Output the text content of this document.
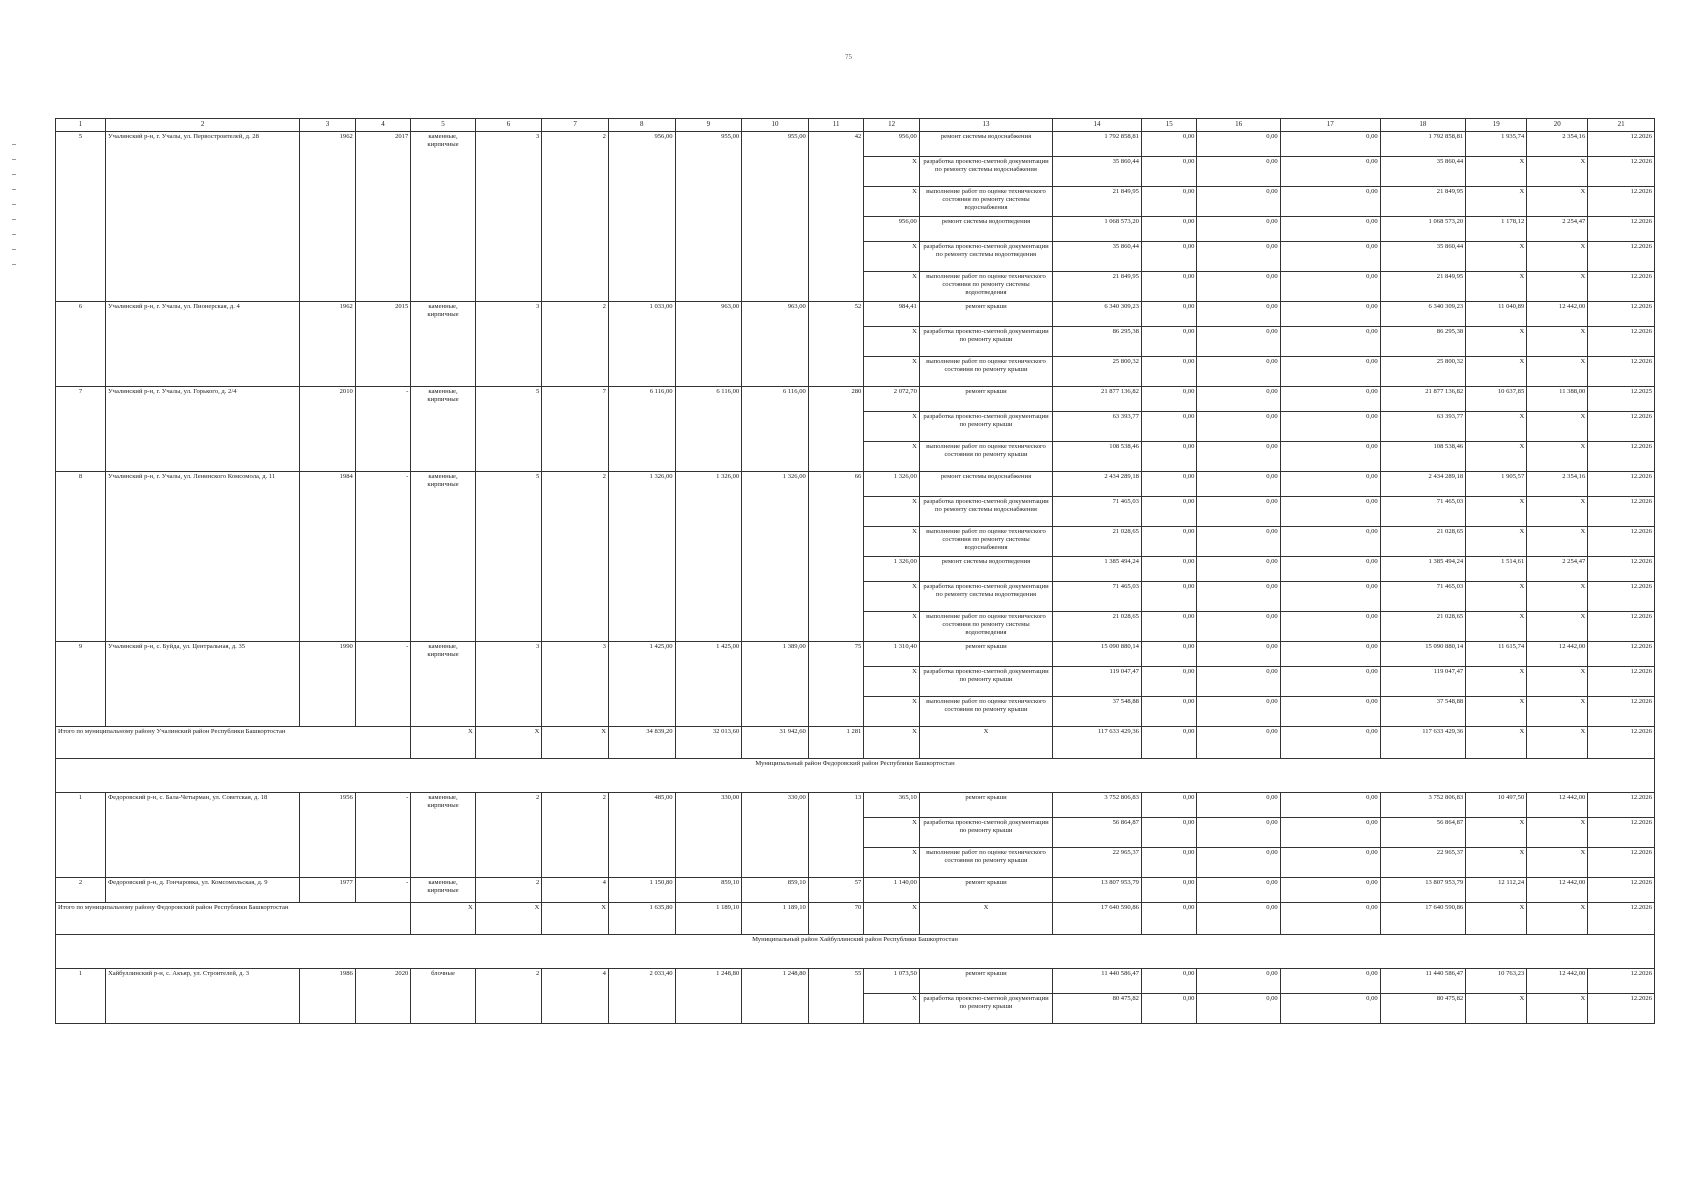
75
1	2	3	4	5	6	7	8	9	10	11	12	13	14	15	16	17	18	19	20	21
5	Учалинский р-н, г. Учалы, ул. Первостроителей, д. 28	1962	2017	каменные, кирпичные	3	2	956,00	955,00	955,00	42	956,00	ремонт системы водоснабжения	1 792 858,81	0,00	0,00	0,00	1 792 858,81	1 935,74	2 354,16	12.2026
											X	разработка проектно-сметной документации по ремонту системы водоснабжения	35 860,44	0,00	0,00	0,00	35 860,44	X	X	12.2026
											X	выполнение работ по оценке технического состояния по ремонту системы водоснабжения	21 849,95	0,00	0,00	0,00	21 849,95	X	X	12.2026
											956,00	ремонт системы водоотведения	1 068 573,20	0,00	0,00	0,00	1 068 573,20	1 178,12	2 254,47	12.2026
											X	разработка проектно-сметной документации по ремонту системы водоотведения	35 860,44	0,00	0,00	0,00	35 860,44	X	X	12.2026
											X	выполнение работ по оценке технического состояния по ремонту системы водоотведения	21 849,95	0,00	0,00	0,00	21 849,95	X	X	12.2026
6	Учалинский р-н, г. Учалы, ул. Пионерская, д. 4	1962	2015	каменные, кирпичные	3	2	1 033,00	963,00	963,00	52	984,41	ремонт крыши	6 340 309,23	0,00	0,00	0,00	6 340 309,23	11 040,89	12 442,00	12.2026
											X	разработка проектно-сметной документации по ремонту крыши	86 295,38	0,00	0,00	0,00	86 295,38	X	X	12.2026
											X	выполнение работ по оценке технического состояния по ремонту крыши	25 800,32	0,00	0,00	0,00	25 800,32	X	X	12.2026
7	Учалинский р-н, г. Учалы, ул. Горького, д. 2/4	2010	-	каменные, кирпичные	5	7	6 116,00	6 116,00	6 116,00	280	2 072,70	ремонт крыши	21 877 136,82	0,00	0,00	0,00	21 877 136,82	10 637,85	11 388,00	12.2025
											X	разработка проектно-сметной документации по ремонту крыши	63 393,77	0,00	0,00	0,00	63 393,77	X	X	12.2026
											X	выполнение работ по оценке технического состояния по ремонту крыши	108 538,46	0,00	0,00	0,00	108 538,46	X	X	12.2026
8	Учалинский р-н, г. Учалы, ул. Ленинского Комсомола, д. 11	1984	-	каменные, кирпичные	5	2	1 326,00	1 326,00	1 326,00	66	1 326,00	ремонт системы водоснабжения	2 434 289,18	0,00	0,00	0,00	2 434 289,18	1 905,57	2 354,16	12.2026
											X	разработка проектно-сметной документации по ремонту системы водоснабжения	71 465,03	0,00	0,00	0,00	71 465,03	X	X	12.2026
											X	выполнение работ по оценке технического состояния по ремонту системы водоснабжения	21 028,65	0,00	0,00	0,00	21 028,65	X	X	12.2026
											1 326,00	ремонт системы водоотведения	1 385 494,24	0,00	0,00	0,00	1 385 494,24	1 514,61	2 254,47	12.2026
											X	разработка проектно-сметной документации по ремонту системы водоотведения	71 465,03	0,00	0,00	0,00	71 465,03	X	X	12.2026
											X	выполнение работ по оценке технического состояния по ремонту системы водоотведения	21 028,65	0,00	0,00	0,00	21 028,65	X	X	12.2026
9	Учалинский р-н, с. Буйда, ул. Центральная, д. 35	1990	-	каменные, кирпичные	3	3	1 425,00	1 425,00	1 389,00	75	1 310,40	ремонт крыши	15 090 880,14	0,00	0,00	0,00	15 090 880,14	11 615,74	12 442,00	12.2026
											X	разработка проектно-сметной документации по ремонту крыши	119 047,47	0,00	0,00	0,00	119 047,47	X	X	12.2026
											X	выполнение работ по оценке технического состояния по ремонту крыши	37 548,88	0,00	0,00	0,00	37 548,88	X	X	12.2026
Итого по муниципальному району Учалинский район Республики Башкортостан				X	X	X	34 839,20	32 013,60	31 942,60	1 281	X	X	117 633 429,36	0,00	0,00	0,00	117 633 429,36	X	X	12.2026
Муниципальный район Федоровский район Республики Башкортостан																				
1	Федоровский р-н, с. Бала-Четырман, ул. Советская, д. 18	1956	-	каменные, кирпичные	2	2	485,00	330,00	330,00	13	365,10	ремонт крыши	3 752 806,83	0,00	0,00	0,00	3 752 806,83	10 497,50	12 442,00	12.2026
											X	разработка проектно-сметной документации по ремонту крыши	56 864,87	0,00	0,00	0,00	56 864,87	X	X	12.2026
											X	выполнение работ по оценке технического состояния по ремонту крыши	22 965,37	0,00	0,00	0,00	22 965,37	X	X	12.2026
2	Федоровский р-н, д. Гончаровка, ул. Комсомольская, д. 9	1977	-	каменные, кирпичные	2	4	1 150,80	859,10	859,10	57	1 140,00	ремонт крыши	13 807 953,79	0,00	0,00	0,00	13 807 953,79	12 112,24	12 442,00	12.2026
Итого по муниципальному району Федоровский район Республики Башкортостан				X	X	X	1 635,80	1 189,10	1 189,10	70	X	X	17 640 590,86	0,00	0,00	0,00	17 640 590,86	X	X	12.2026
Муниципальный район Хайбуллинский район Республики Башкортостан																				
1	Хайбуллинский р-н, с. Акъяр, ул. Строителей, д. 3	1986	2020	блочные	2	4	2 033,40	1 248,80	1 248,80	55	1 073,50	ремонт крыши	11 440 586,47	0,00	0,00	0,00	11 440 586,47	10 763,23	12 442,00	12.2026
											X	разработка проектно-сметной документации по ремонту крыши	80 475,82	0,00	0,00	0,00	80 475,82	X	X	12.2026
